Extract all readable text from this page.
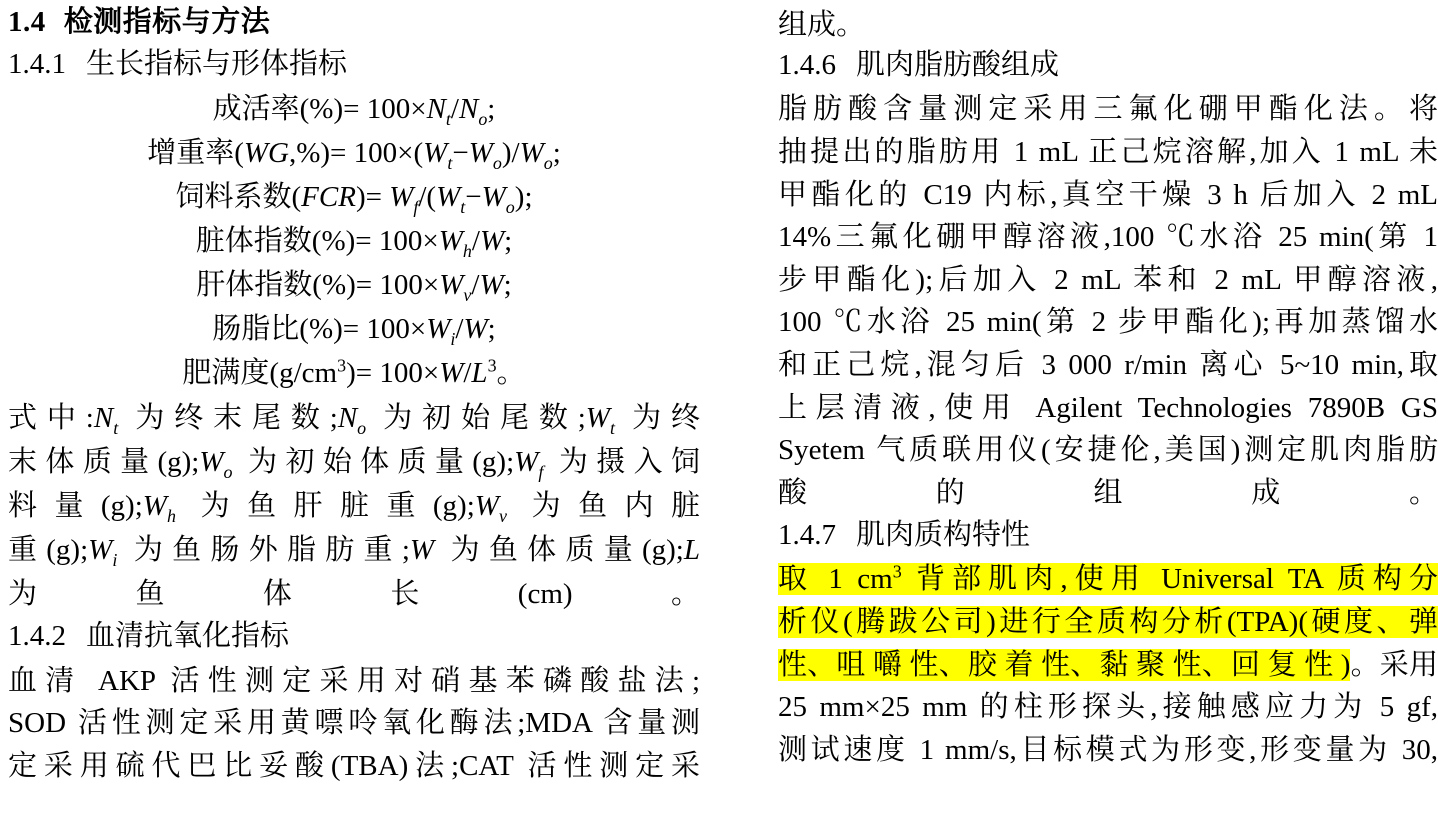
1.4 检测指标与方法
1.4.1 生长指标与形体指标
成活率(%)= $100\times N_t/N_o$;
增重率$(WG,\%)= 100\times(W_t-W_o)/W_o$;
饲料系数$(FCR)= W_f/(W_t-W_o)$;
脏体指数(%)= $100\times W_h/W$;
肝体指数(%)= $100\times W_v/W$;
肠脂比(%)= $100\times W_i/W$;
肥满度$(g/cm^3)= 100\times W/L^3$。
式中$:N_t$ 为终末尾数$;N_o$ 为初始尾数$;W_t$ 为终
末体质量$(g);W_o$ 为初始体质量$(g);W_f$ 为摄入饲
料量$(g);W_h$ 为鱼肝脏重$(g);W_v$ 为鱼内脏
重$(g);W_i$ 为鱼肠外脂肪重;W 为鱼体质量(g);L
为鱼体长(cm)。
1.4.2 血清抗氧化指标
血清 AKP 活性测定采用对硝基苯磷酸盐法;
SOD 活性测定采用黄嘌呤氧化酶法;MDA 含量测
定采用硫代巴比妥酸(TBA)法;CAT 活性测定采
组成。
1.4.6 肌肉脂肪酸组成
脂肪酸含量测定采用三氟化硼甲酯化法。将
抽提出的脂肪用 1 mL 正己烷溶解,加入 1 mL 未
甲酯化的 C19 内标,真空干燥 3 h 后加入 2 mL
14%三氟化硼甲醇溶液,100 ℃水浴 25 min(第 1
步甲酯化);后加入 2 mL 苯和 2 mL 甲醇溶液,
100 ℃水浴 25 min(第 2 步甲酯化);再加蒸馏水
和正己烷,混匀后 3 000 r/min 离心 5~10 min,取
上层清液,使用 Agilent Technologies 7890B GS
Syetem 气质联用仪(安捷伦,美国)测定肌肉脂肪
酸的组成。
1.4.7 肌肉质构特性
取 1 $cm^3$ 背部肌肉,使用 Universal TA 质构分
析仪(腾跋公司)进行全质构分析(TPA)(硬度、弹
性、咀 嚼 性、胶 着 性、黏 聚 性、回 复 性 )。采用
25 mm×25 mm 的柱形探头,接触感应力为 5 gf,
测试速度 1 mm/s,目标模式为形变,形变量为 30,
